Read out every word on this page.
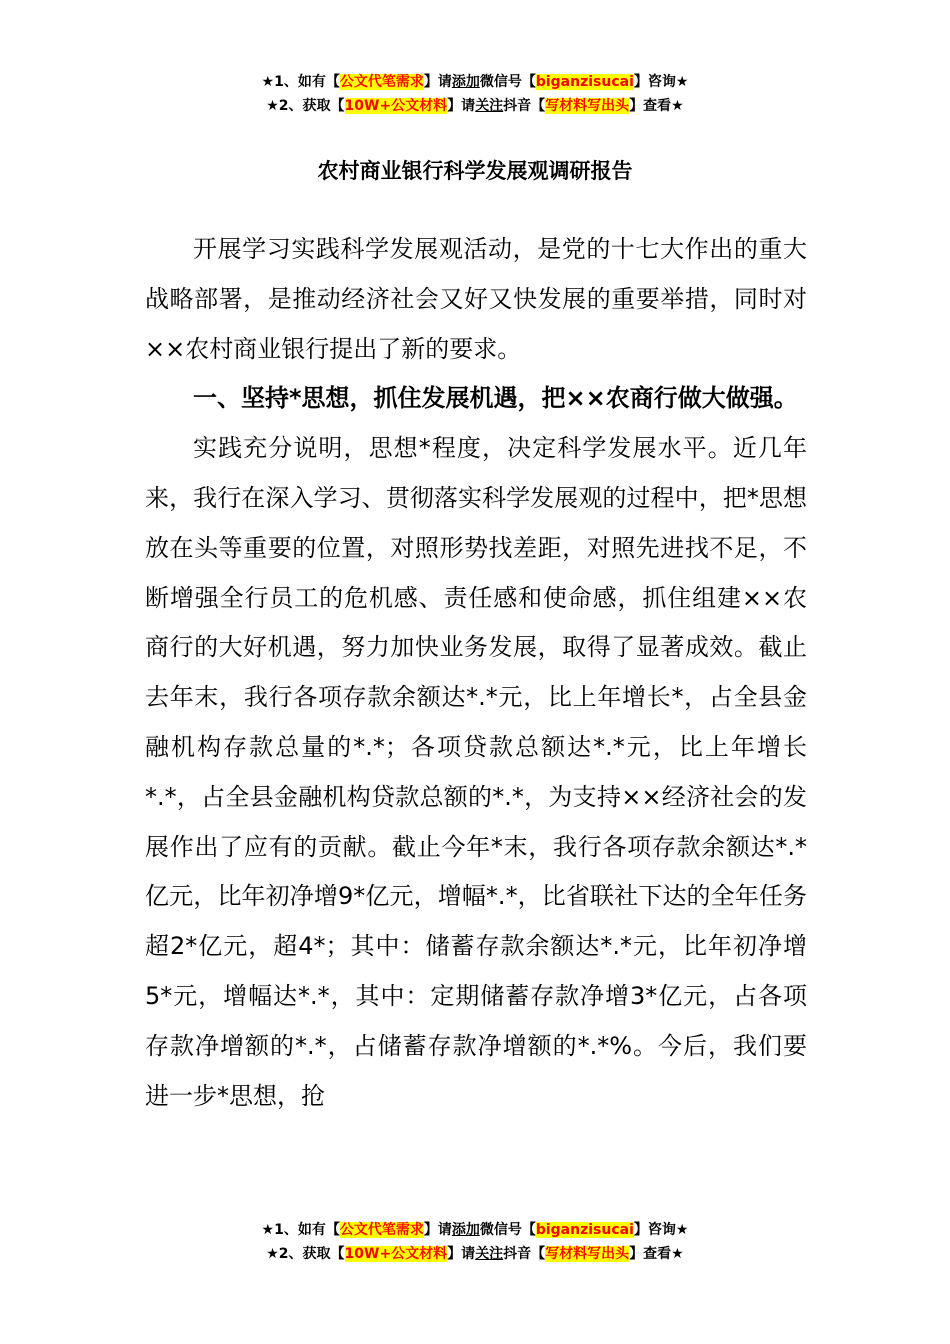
★1、如有【公文代笔需求】请添加微信号【biganzisucai】咨询★
★2、获取【10W+公文材料】请关注抖音【写材料写出头】查看★
农村商业银行科学发展观调研报告

开展学习实践科学发展观活动，是党的十七大作出的重大战略部署，是推动经济社会又好又快发展的重要举措，同时对××农村商业银行提出了新的要求。

一、坚持*思想，抓住发展机遇，把××农商行做大做强。

实践充分说明，思想*程度，决定科学发展水平。近几年来，我行在深入学习、贯彻落实科学发展观的过程中，把*思想放在头等重要的位置，对照形势找差距，对照先进找不足，不断增强全行员工的危机感、责任感和使命感，抓住组建××农商行的大好机遇，努力加快业务发展，取得了显著成效。截止去年末，我行各项存款余额达*.*元，比上年增长*，占全县金融机构存款总量的*.*；各项贷款总额达*.*元，比上年增长*.*，占全县金融机构贷款总额的*.*，为支持××经济社会的发展作出了应有的贡献。截止今年*末，我行各项存款余额达*.*亿元，比年初净增9*亿元，增幅*.*，比省联社下达的全年任务超2*亿元，超4*；其中：储蓄存款余额达*.*元，比年初净增5*元，增幅达*.*，其中：定期储蓄存款净增3*亿元，占各项存款净增额的*.*，占储蓄存款净增额的*.*%。今后，我们要进一步*思想，抢

★1、如有【公文代笔需求】请添加微信号【biganzisucai】咨询★
★2、获取【10W+公文材料】请关注抖音【写材料写出头】查看★
